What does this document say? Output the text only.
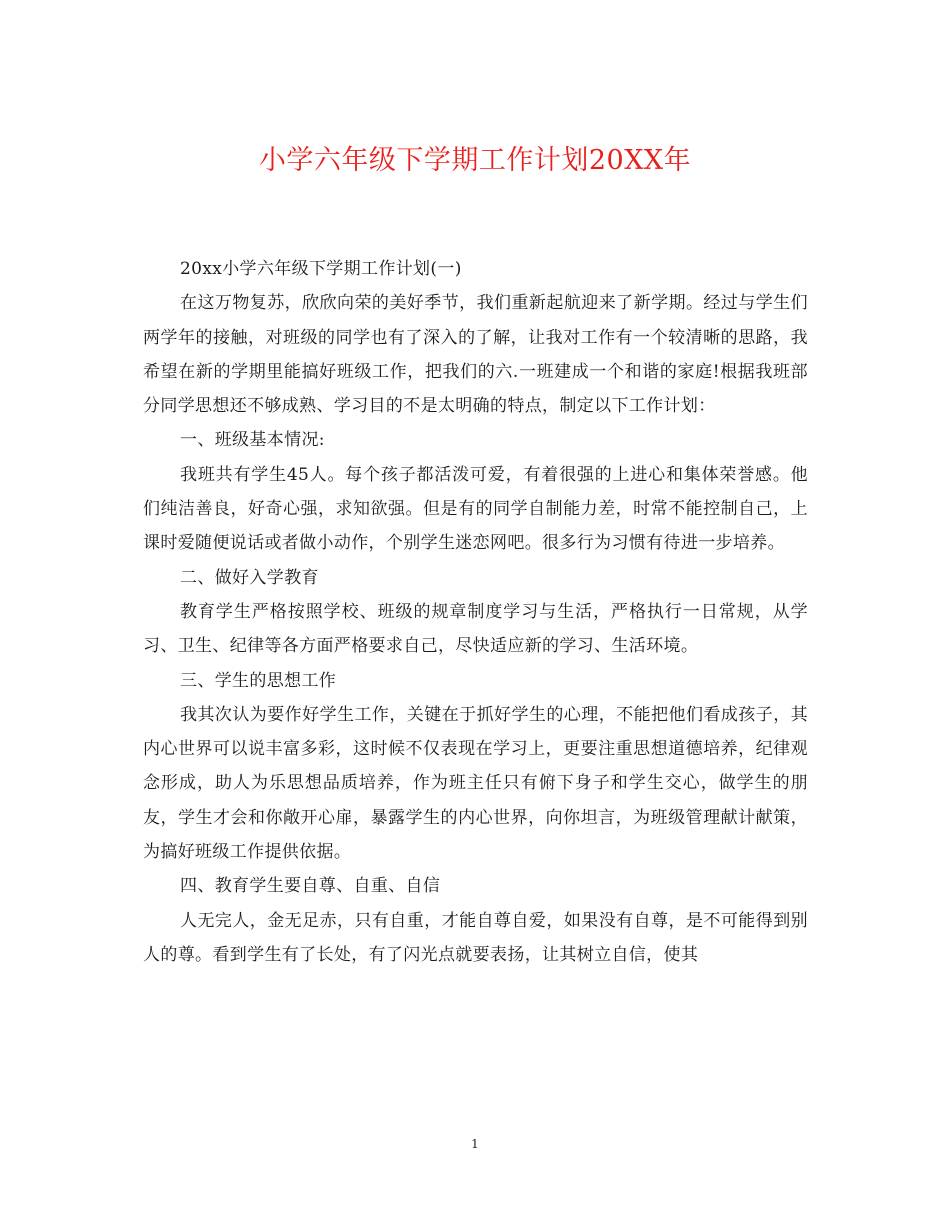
小学六年级下学期工作计划20XX年

20xx小学六年级下学期工作计划(一)

在这万物复苏，欣欣向荣的美好季节，我们重新起航迎来了新学期。经过与学生们两学年的接触，对班级的同学也有了深入的了解，让我对工作有一个较清晰的思路，我希望在新的学期里能搞好班级工作，把我们的六.一班建成一个和谐的家庭!根据我班部分同学思想还不够成熟、学习目的不是太明确的特点，制定以下工作计划：

一、班级基本情况:

我班共有学生45人。每个孩子都活泼可爱，有着很强的上进心和集体荣誉感。他们纯洁善良，好奇心强，求知欲强。但是有的同学自制能力差，时常不能控制自己，上课时爱随便说话或者做小动作，个别学生迷恋网吧。很多行为习惯有待进一步培养。

二、做好入学教育

教育学生严格按照学校、班级的规章制度学习与生活，严格执行一日常规，从学习、卫生、纪律等各方面严格要求自己，尽快适应新的学习、生活环境。

三、学生的思想工作

我其次认为要作好学生工作，关键在于抓好学生的心理，不能把他们看成孩子，其内心世界可以说丰富多彩，这时候不仅表现在学习上，更要注重思想道德培养，纪律观念形成，助人为乐思想品质培养，作为班主任只有俯下身子和学生交心，做学生的朋友，学生才会和你敞开心扉，暴露学生的内心世界，向你坦言，为班级管理献计献策，为搞好班级工作提供依据。

四、教育学生要自尊、自重、自信

人无完人，金无足赤，只有自重，才能自尊自爱，如果没有自尊，是不可能得到别人的尊。看到学生有了长处，有了闪光点就要表扬，让其树立自信，使其

1
